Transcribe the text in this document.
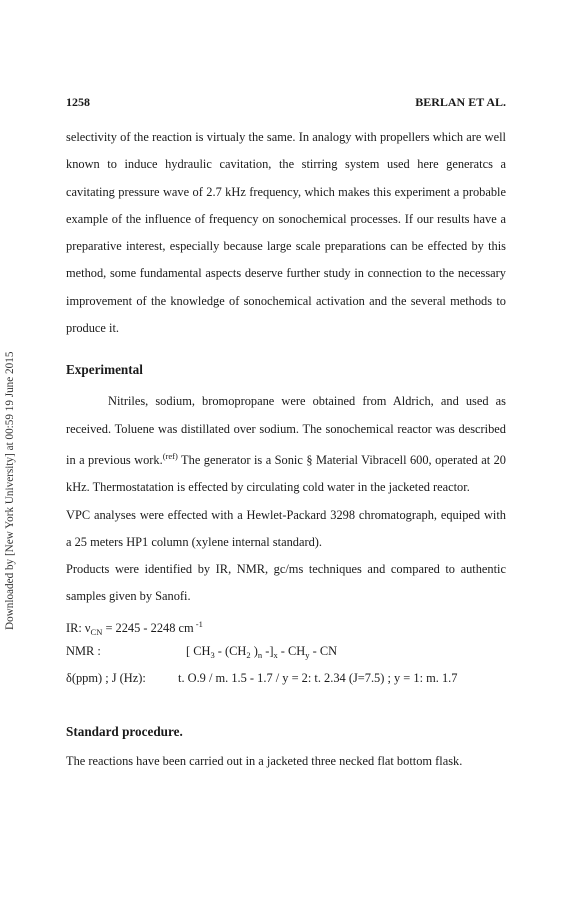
Downloaded by [New York University] at 00:59 19 June 2015
1258	BERLAN ET AL.

selectivity of the reaction is virtualy the same. In analogy with propellers which are well known to induce hydraulic cavitation, the stirring system used here generatcs a cavitating pressure wave of 2.7 kHz frequency, which makes this experiment a probable example of the influence of frequency on sonochemical processes. If our results have a preparative interest, especially because large scale preparations can be effected by this method, some fundamental aspects deserve further study in connection to the necessary improvement of the knowledge of sonochemical activation and the several methods to produce it.

Experimental

Nitriles, sodium, bromopropane were obtained from Aldrich, and used as received. Toluene was distillated over sodium. The sonochemical reactor was described in a previous work.$^{(ref)}$ The generator is a Sonic § Material Vibracell 600, operated at 20 kHz. Thermostatation is effected by circulating cold water in the jacketed reactor.

VPC analyses were effected with a Hewlet-Packard 3298 chromatograph, equiped with a 25 meters HP1 column (xylene internal standard).

Products were identified by IR, NMR, gc/ms techniques and compared to authentic samples given by Sanofi.

IR: $\nu_{CN} = 2245 - 2248$ cm $^{-1}$
NMR :	[ $CH_3 - (CH_2$ )$_n$ $-]_x - CH_y$ - CN
δ(ppm) ; J (Hz):	t. O.9 / m. 1.5 - 1.7 / y = 2: t. 2.34 (J=7.5) ; y = 1: m. 1.7

Standard procedure.

The reactions have been carried out in a jacketed three necked flat bottom flask.
